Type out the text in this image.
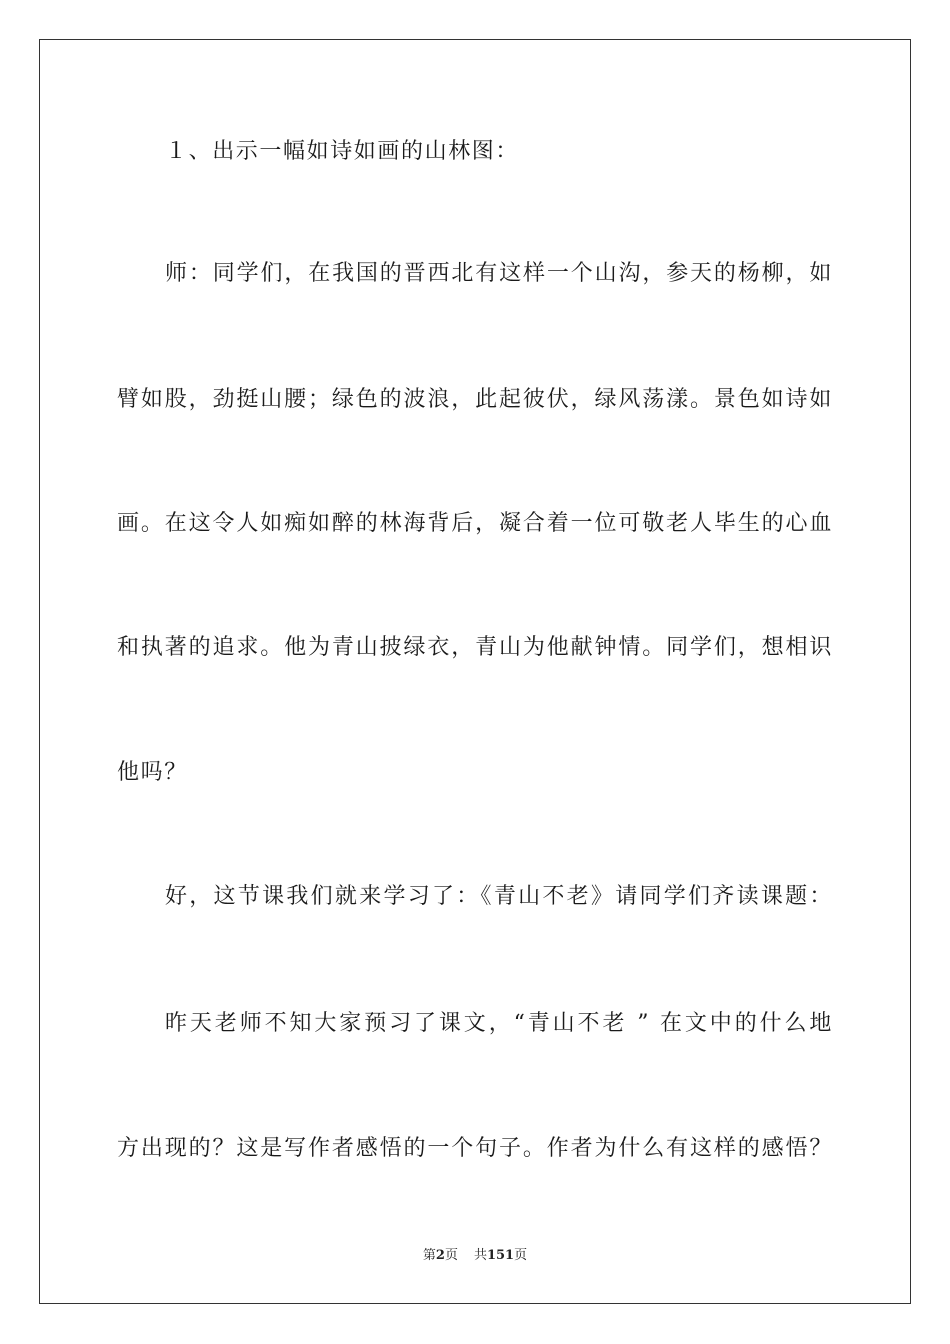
１、出示一幅如诗如画的山林图：
师：同学们，在我国的晋西北有这样一个山沟，参天的杨柳，如
臂如股，劲挺山腰；绿色的波浪，此起彼伏，绿风荡漾。景色如诗如
画。在这令人如痴如醉的林海背后，凝合着一位可敬老人毕生的心血
和执著的追求。他为青山披绿衣，青山为他献钟情。同学们，想相识
他吗？
好，这节课我们就来学习了：《青山不老》请同学们齐读课题：
昨天老师不知大家预习了课文，“青山不老 ” 在文中的什么地
方出现的？这是写作者感悟的一个句子。作者为什么有这样的感悟？
第2页 共151页
